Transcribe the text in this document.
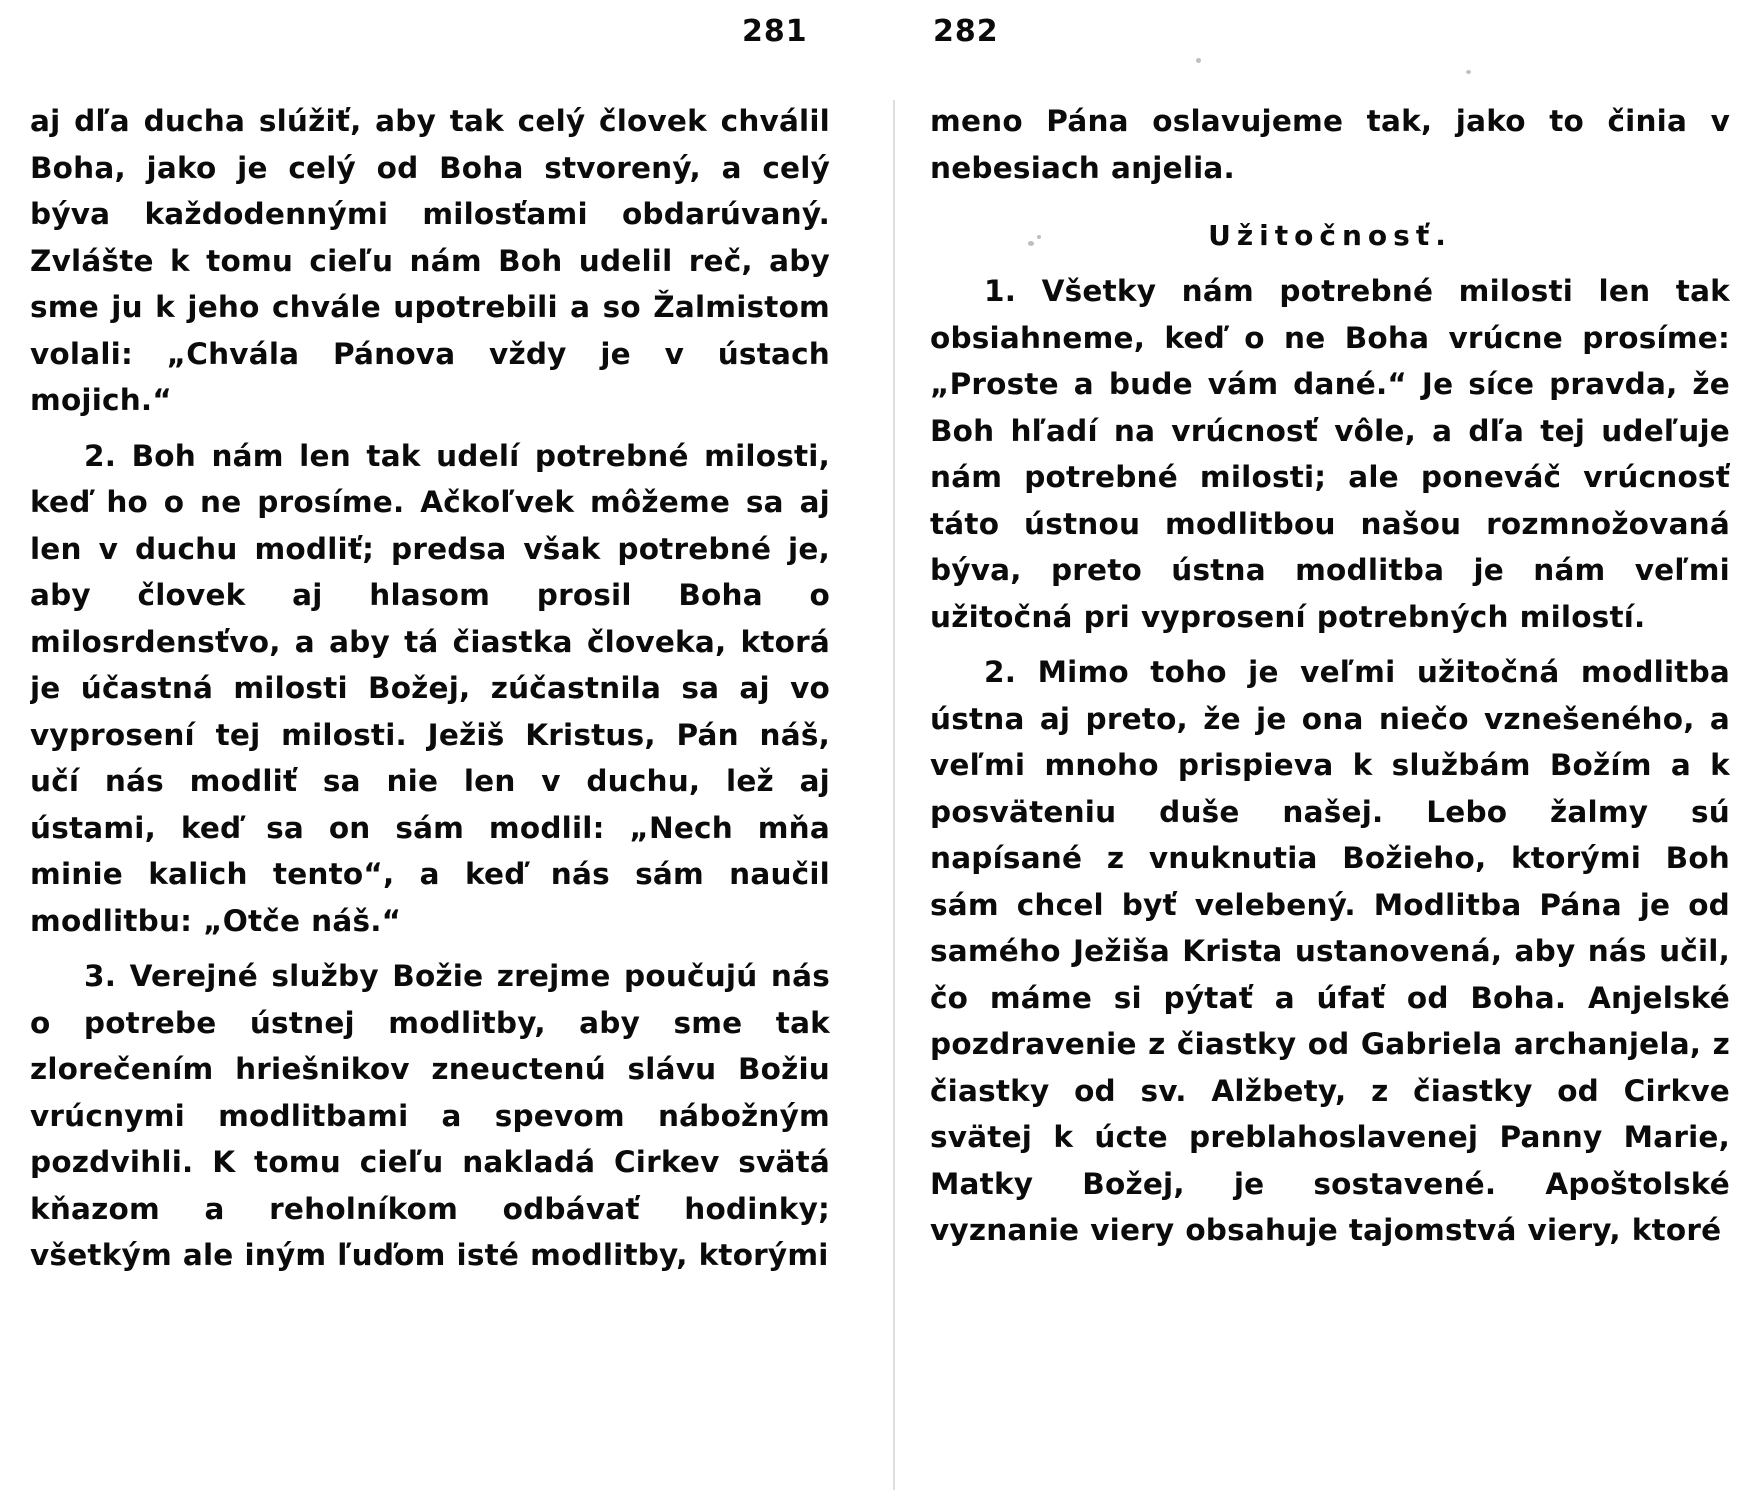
281	282

aj dľa ducha slúžiť, aby tak celý človek chválil Boha, jako je celý od Boha stvorený, a celý býva každodennými milosťami obdarúvaný. Zvlášte k tomu cieľu nám Boh udelil reč, aby sme ju k jeho chvále upotrebili a so Žalmistom volali: „Chvála Pánova vždy je v ústach mojich.“

2. Boh nám len tak udelí potrebné milosti, keď ho o ne prosíme. Ačkoľvek môžeme sa aj len v duchu modliť; predsa však potrebné je, aby človek aj hlasom prosil Boha o milosrdensťvo, a aby tá čiastka človeka, ktorá je účastná milosti Božej, zúčastnila sa aj vo vyprosení tej milosti. Ježiš Kristus, Pán náš, učí nás modliť sa nie len v duchu, lež aj ústami, keď sa on sám modlil: „Nech mňa minie kalich tento“, a keď nás sám naučil modlitbu: „Otče náš.“

3. Verejné služby Božie zrejme poučujú nás o potrebe ústnej modlitby, aby sme tak zlorečením hriešnikov zneuctenú slávu Božiu vrúcnymi modlitbami a spevom nábožným pozdvihli. K tomu cieľu nakladá Cirkev svätá kňazom a reholníkom odbávať hodinky; všetkým ale iným ľuďom isté modlitby, ktorými

meno Pána oslavujeme tak, jako to činia v nebesiach anjelia.

Užitočnosť.

1. Všetky nám potrebné milosti len tak obsiahneme, keď o ne Boha vrúcne prosíme: „Proste a bude vám dané.“ Je síce pravda, že Boh hľadí na vrúcnosť vôle, a dľa tej udeľuje nám potrebné milosti; ale poneváč vrúcnosť táto ústnou modlitbou našou rozmnožovaná býva, preto ústna modlitba je nám veľmi užitočná pri vyprosení potrebných milostí.

2. Mimo toho je veľmi užitočná modlitba ústna aj preto, že je ona niečo vznešeného, a veľmi mnoho prispieva k službám Božím a k posväteniu duše našej. Lebo žalmy sú napísané z vnuknutia Božieho, ktorými Boh sám chcel byť velebený. Modlitba Pána je od samého Ježiša Krista ustanovená, aby nás učil, čo máme si pýtať a úfať od Boha. Anjelské pozdravenie z čiastky od Gabriela archanjela, z čiastky od sv. Alžbety, z čiastky od Cirkve svätej k úcte preblahoslavenej Panny Marie, Matky Božej, je sostavené. Apoštolské vyznanie viery obsahuje tajomstvá viery, ktoré
